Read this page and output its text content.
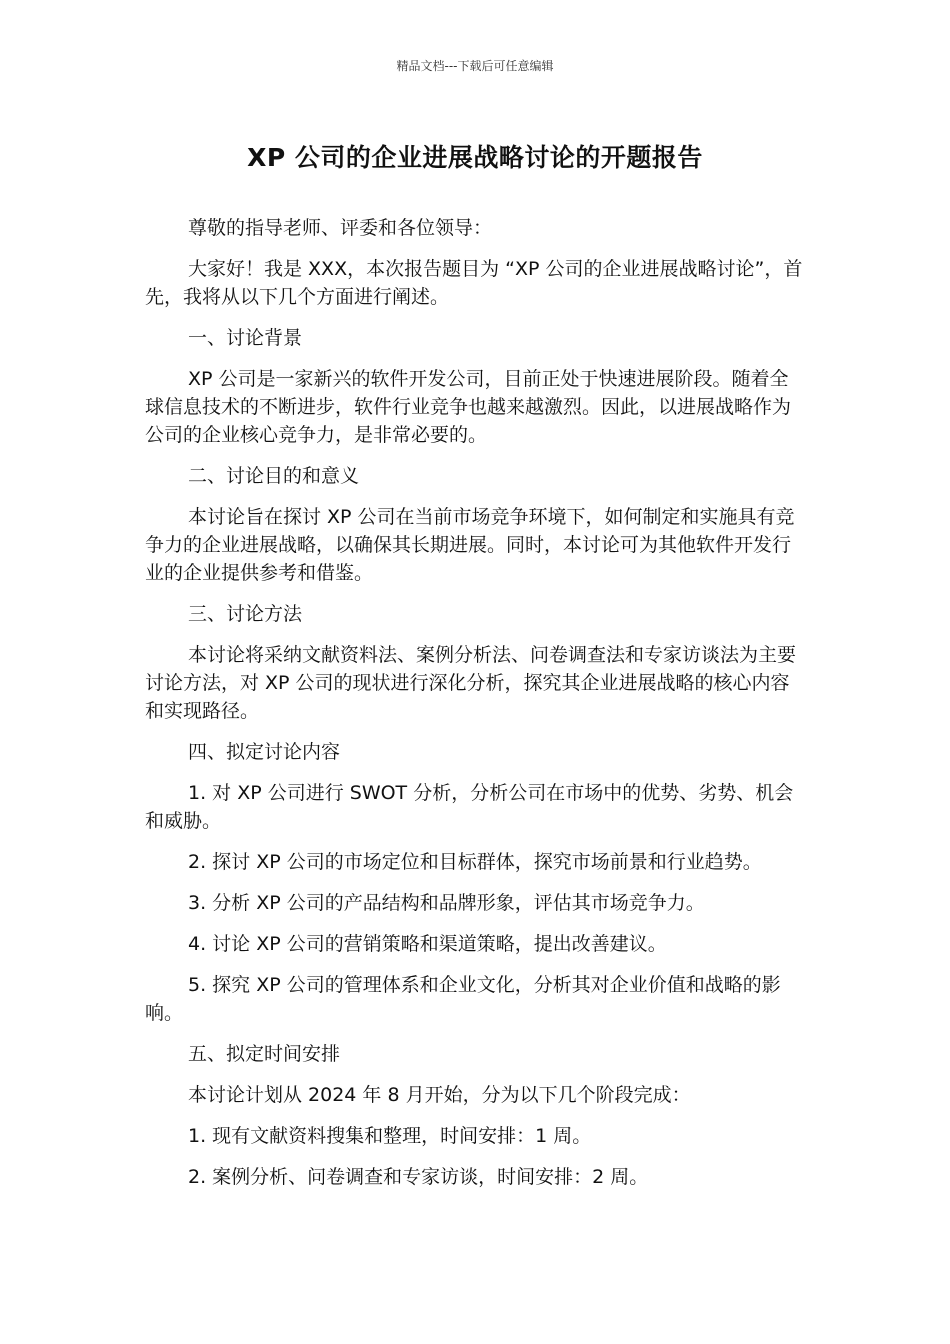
精品文档---下载后可任意编辑
XP 公司的企业进展战略讨论的开题报告

尊敬的指导老师、评委和各位领导：

大家好！我是 XXX，本次报告题目为 “XP 公司的企业进展战略讨论”，首先，我将从以下几个方面进行阐述。

一、讨论背景

XP 公司是一家新兴的软件开发公司，目前正处于快速进展阶段。随着全球信息技术的不断进步，软件行业竞争也越来越激烈。因此，以进展战略作为公司的企业核心竞争力，是非常必要的。

二、讨论目的和意义

本讨论旨在探讨 XP 公司在当前市场竞争环境下，如何制定和实施具有竞争力的企业进展战略，以确保其长期进展。同时，本讨论可为其他软件开发行业的企业提供参考和借鉴。

三、讨论方法

本讨论将采纳文献资料法、案例分析法、问卷调查法和专家访谈法为主要讨论方法，对 XP 公司的现状进行深化分析，探究其企业进展战略的核心内容和实现路径。

四、拟定讨论内容

1. 对 XP 公司进行 SWOT 分析，分析公司在市场中的优势、劣势、机会和威胁。

2. 探讨 XP 公司的市场定位和目标群体，探究市场前景和行业趋势。

3. 分析 XP 公司的产品结构和品牌形象，评估其市场竞争力。

4. 讨论 XP 公司的营销策略和渠道策略，提出改善建议。

5. 探究 XP 公司的管理体系和企业文化，分析其对企业价值和战略的影响。

五、拟定时间安排

本讨论计划从 2024 年 8 月开始，分为以下几个阶段完成：

1. 现有文献资料搜集和整理，时间安排：1 周。

2. 案例分析、问卷调查和专家访谈，时间安排：2 周。
